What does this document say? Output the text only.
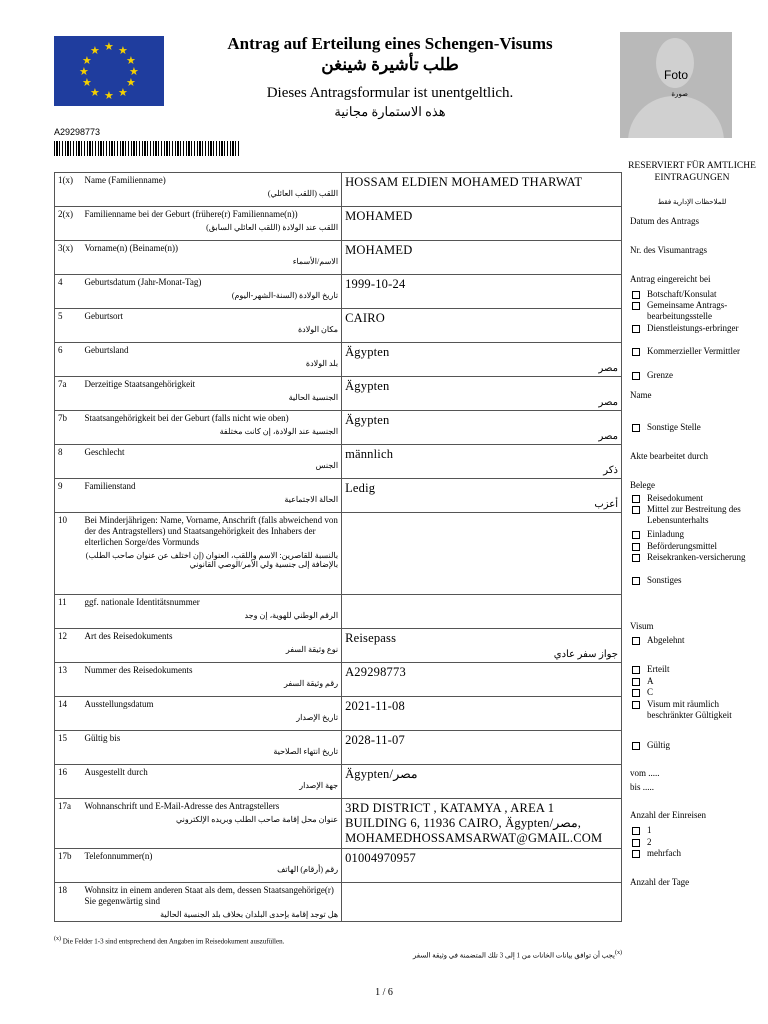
★ ★
★
★
★
★
★
★
★
★
★
★	Antrag auf Erteilung eines Schengen-Visums
طلب تأشيرة شينغن
Dieses Antragsformular ist unentgeltlich.
هذه الاستمارة مجانية
A29298773
Foto
صورة
1(x)	Name (Familienname)
اللقب (اللقب العائلي)	HOSSAM ELDIEN MOHAMED THARWAT

2(x)	Familienname bei der Geburt (frühere(r) Familienname(n))
اللقب عند الولادة (اللقب العائلي السابق)	MOHAMED

3(x)	Vorname(n) (Beiname(n))
الاسم/الأسماء	MOHAMED

4	Geburtsdatum (Jahr-Monat-Tag)
تاريخ الولادة (السنة-الشهر-اليوم)	1999-10-24

5	Geburtsort
مكان الولادة	CAIRO

6	Geburtsland
بلد الولادة	Ägypten
مصر

7a	Derzeitige Staatsangehörigkeit
الجنسية الحالية	Ägypten
مصر

7b	Staatsangehörigkeit bei der Geburt (falls nicht wie oben)
الجنسية عند الولادة، إن كانت مختلفة	Ägypten
مصر

8	Geschlecht
الجنس	männlich
ذكر

9	Familienstand
الحالة الاجتماعية	Ledig
أعزب

10	Bei Minderjährigen: Name, Vorname, Anschrift (falls abweichend von der des Antragstellers) und Staatsangehörigkeit des Inhabers der elterlichen Sorge/des Vormunds
بالنسبة للقاصرين: الاسم واللقب، العنوان (إن اختلف عن عنوان صاحب الطلب) بالإضافة إلى جنسية ولي الأمر/الوصي القانوني	

11	ggf. nationale Identitätsnummer
الرقم الوطني للهوية، إن وجد	

12	Art des Reisedokuments
نوع وثيقة السفر	Reisepass
جواز سفر عادي

13	Nummer des Reisedokuments
رقم وثيقة السفر	A29298773

14	Ausstellungsdatum
تاريخ الإصدار	2021-11-08

15	Gültig bis
تاريخ انتهاء الصلاحية	2028-11-07

16	Ausgestellt durch
جهة الإصدار	Ägypten/مصر

17a	Wohnanschrift und E-Mail-Adresse des Antragstellers
عنوان محل إقامة صاحب الطلب وبريده الإلكتروني	3RD DISTRICT , KATAMYA , AREA 1 BUILDING 6, 11936 CAIRO, Ägypten/مصر, MOHAMEDHOSSAMSARWAT@GMAIL.COM

17b	Telefonnummer(n)
رقم (أرقام) الهاتف	01004970957

18	Wohnsitz in einem anderen Staat als dem, dessen Staatsangehörige(r) Sie gegenwärtig sind
هل توجد إقامة بإحدى البلدان بخلاف بلد الجنسية الحالية	

RESERVIERT FÜR AMTLICHE EINTRAGUNGEN
للملاحظات الإدارية فقط
Datum des Antrags
Nr. des Visumantrags
Antrag eingereicht bei
Botschaft/Konsulat
Gemeinsame Antrags-bearbeitungsstelle
Dienstleistungs-erbringer
Kommerzieller Vermittler
Grenze
Name
Sonstige Stelle
Akte bearbeitet durch
Belege
Reisedokument
Mittel zur Bestreitung des Lebensunterhalts
Einladung
Beförderungsmittel
Reisekranken-versicherung
Sonstiges
Visum
Abgelehnt
Erteilt
A
C
Visum mit räumlich beschränkter Gültigkeit
Gültig
vom .....
bis .....
Anzahl der Einreisen
1
2
mehrfach
Anzahl der Tage
$^{(x)}$ Die Felder 1-3 sind entsprechend den Angaben im Reisedokument auszufüllen.
$^{(x)}$يجب أن توافق بيانات الخانات من 1 إلى 3 تلك المتضمنة في وثيقة السفر
1 / 6
